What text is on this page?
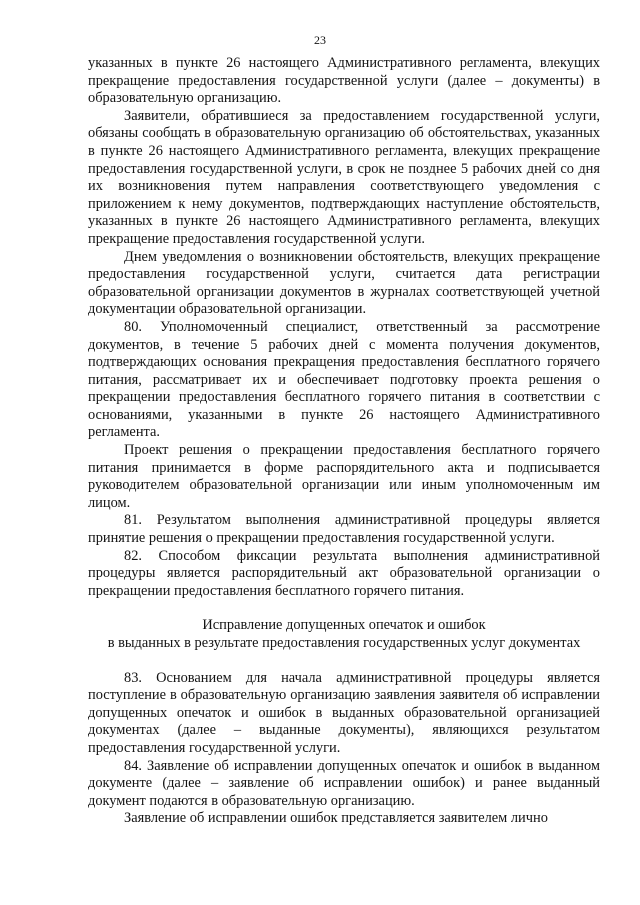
23

указанных в пункте 26 настоящего Административного регламента, влекущих прекращение предоставления государственной услуги (далее – документы) в образовательную организацию.

Заявители, обратившиеся за предоставлением государственной услуги, обязаны сообщать в образовательную организацию об обстоятельствах, указанных в пункте 26 настоящего Административного регламента, влекущих прекращение предоставления государственной услуги, в срок не позднее 5 рабочих дней со дня их возникновения путем направления соответствующего уведомления с приложением к нему документов, подтверждающих наступление обстоятельств, указанных в пункте 26 настоящего Административного регламента, влекущих прекращение предоставления государственной услуги.

Днем уведомления о возникновении обстоятельств, влекущих прекращение предоставления государственной услуги, считается дата регистрации образовательной организации документов в журналах соответствующей учетной документации образовательной организации.

80. Уполномоченный специалист, ответственный за рассмотрение документов, в течение 5 рабочих дней с момента получения документов, подтверждающих основания прекращения предоставления бесплатного горячего питания, рассматривает их и обеспечивает подготовку проекта решения о прекращении предоставления бесплатного горячего питания в соответствии с основаниями, указанными в пункте 26 настоящего Административного регламента.

Проект решения о прекращении предоставления бесплатного горячего питания принимается в форме распорядительного акта и подписывается руководителем образовательной организации или иным уполномоченным им лицом.

81. Результатом выполнения административной процедуры является принятие решения о прекращении предоставления государственной услуги.

82. Способом фиксации результата выполнения административной процедуры является распорядительный акт образовательной организации о прекращении предоставления бесплатного горячего питания.

Исправление допущенных опечаток и ошибок

в выданных в результате предоставления государственных услуг документах

83. Основанием для начала административной процедуры является поступление в образовательную организацию заявления заявителя об исправлении допущенных опечаток и ошибок в выданных образовательной организацией документах (далее – выданные документы), являющихся результатом предоставления государственной услуги.

84. Заявление об исправлении допущенных опечаток и ошибок в выданном документе (далее – заявление об исправлении ошибок) и ранее выданный документ подаются в образовательную организацию.

Заявление об исправлении ошибок представляется заявителем лично
